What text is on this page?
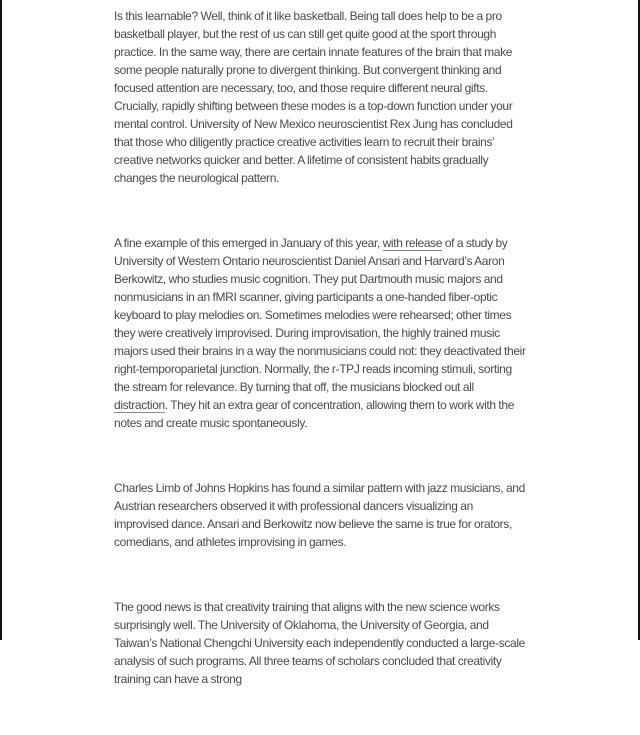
Is this learnable? Well, think of it like basketball. Being tall does help to be a pro basketball player, but the rest of us can still get quite good at the sport through practice. In the same way, there are certain innate features of the brain that make some people naturally prone to divergent thinking. But convergent thinking and focused attention are necessary, too, and those require different neural gifts. Crucially, rapidly shifting between these modes is a top-down function under your mental control. University of New Mexico neuroscientist Rex Jung has concluded that those who diligently practice creative activities learn to recruit their brains’ creative networks quicker and better. A lifetime of consistent habits gradually changes the neurological pattern.

A fine example of this emerged in January of this year, with release of a study by University of Western Ontario neuroscientist Daniel Ansari and Harvard’s Aaron Berkowitz, who studies music cognition. They put Dartmouth music majors and nonmusicians in an fMRI scanner, giving participants a one-handed fiber-optic keyboard to play melodies on. Sometimes melodies were rehearsed; other times they were creatively improvised. During improvisation, the highly trained music majors used their brains in a way the nonmusicians could not: they deactivated their right-temporoparietal junction. Normally, the r-TPJ reads incoming stimuli, sorting the stream for relevance. By turning that off, the musicians blocked out all distraction. They hit an extra gear of concentration, allowing them to work with the notes and create music spontaneously.

Charles Limb of Johns Hopkins has found a similar pattern with jazz musicians, and Austrian researchers observed it with professional dancers visualizing an improvised dance. Ansari and Berkowitz now believe the same is true for orators, comedians, and athletes improvising in games.

The good news is that creativity training that aligns with the new science works surprisingly well. The University of Oklahoma, the University of Georgia, and Taiwan’s National Chengchi University each independently conducted a large-scale analysis of such programs. All three teams of scholars concluded that creativity training can have a strong
